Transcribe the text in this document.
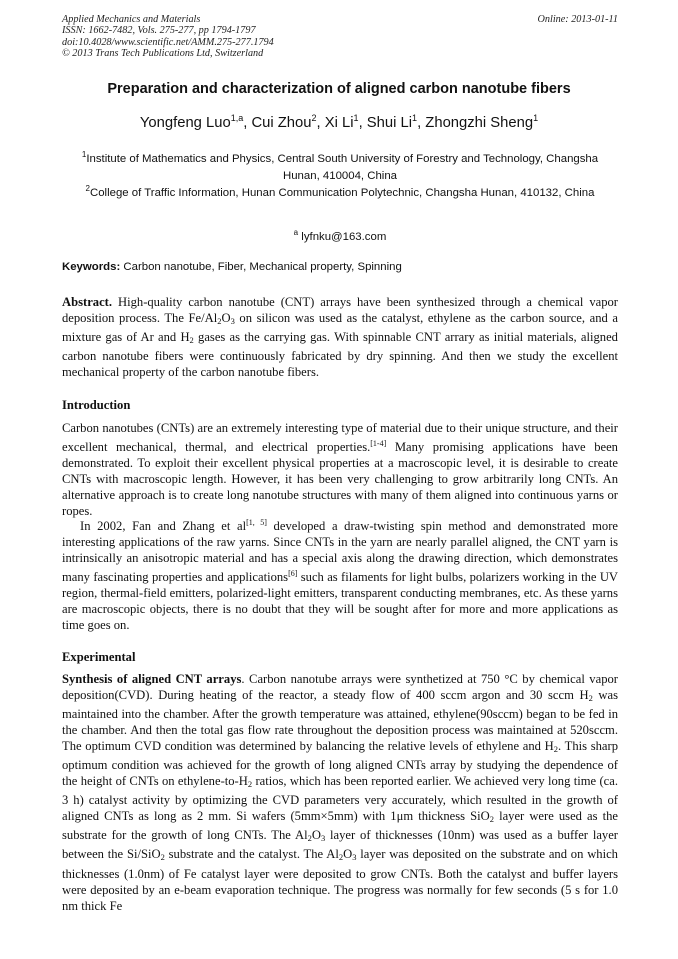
Applied Mechanics and Materials
ISSN: 1662-7482, Vols. 275-277, pp 1794-1797
doi:10.4028/www.scientific.net/AMM.275-277.1794
© 2013 Trans Tech Publications Ltd, Switzerland
Online: 2013-01-11
Preparation and characterization of aligned carbon nanotube fibers
Yongfeng Luo$^{1,a}$, Cui Zhou$^2$, Xi Li$^1$, Shui Li$^1$, Zhongzhi Sheng$^1$
$^1$Institute of Mathematics and Physics, Central South University of Forestry and Technology, Changsha Hunan, 410004, China
$^2$College of Traffic Information, Hunan Communication Polytechnic, Changsha Hunan, 410132, China
$^a$ lyfnku@163.com
Keywords: Carbon nanotube, Fiber, Mechanical property, Spinning
Abstract. High-quality carbon nanotube (CNT) arrays have been synthesized through a chemical vapor deposition process. The $Fe/Al_2O_3$ on silicon was used as the catalyst, ethylene as the carbon source, and a mixture gas of Ar and $H_2$ gases as the carrying gas. With spinnable CNT arrary as initial materials, aligned carbon nanotube fibers were continuously fabricated by dry spinning. And then we study the excellent mechanical property of the carbon nanotube fibers.
Introduction
Carbon nanotubes (CNTs) are an extremely interesting type of material due to their unique structure, and their excellent mechanical, thermal, and electrical properties.[1-4] Many promising applications have been demonstrated. To exploit their excellent physical properties at a macroscopic level, it is desirable to create CNTs with macroscopic length. However, it has been very challenging to grow arbitrarily long CNTs. An alternative approach is to create long nanotube structures with many of them aligned into continuous yarns or ropes.
In 2002, Fan and Zhang et al[1, 5] developed a draw-twisting spin method and demonstrated more interesting applications of the raw yarns. Since CNTs in the yarn are nearly parallel aligned, the CNT yarn is intrinsically an anisotropic material and has a special axis along the drawing direction, which demonstrates many fascinating properties and applications[6] such as filaments for light bulbs, polarizers working in the UV region, thermal-field emitters, polarized-light emitters, transparent conducting membranes, etc. As these yarns are macroscopic objects, there is no doubt that they will be sought after for more and more applications as time goes on.
Experimental
Synthesis of aligned CNT arrays. Carbon nanotube arrays were synthetized at 750 °C by chemical vapor deposition(CVD). During heating of the reactor, a steady flow of 400 sccm argon and 30 sccm $H_2$ was maintained into the chamber. After the growth temperature was attained, ethylene(90sccm) began to be fed in the chamber. And then the total gas flow rate throughout the deposition process was maintained at 520sccm. The optimum CVD condition was determined by balancing the relative levels of ethylene and $H_2$. This sharp optimum condition was achieved for the growth of long aligned CNTs array by studying the dependence of the height of CNTs on ethylene-$to-H_2$ ratios, which has been reported earlier. We achieved very long time (ca. 3 h) catalyst activity by optimizing the CVD parameters very accurately, which resulted in the growth of aligned CNTs as long as 2 mm. Si wafers (5mm×5mm) with 1μm thickness SiO$_2$ layer were used as the substrate for the growth of long CNTs. The $Al_2O_3$ layer of thicknesses (10nm) was used as a buffer layer between the Si/SiO$_2$ substrate and the catalyst. The $Al_2O_3$ layer was deposited on the substrate and on which thicknesses (1.0nm) of Fe catalyst layer were deposited to grow CNTs. Both the catalyst and buffer layers were deposited by an e-beam evaporation technique. The progress was normally for few seconds (5 s for 1.0 nm thick Fe
